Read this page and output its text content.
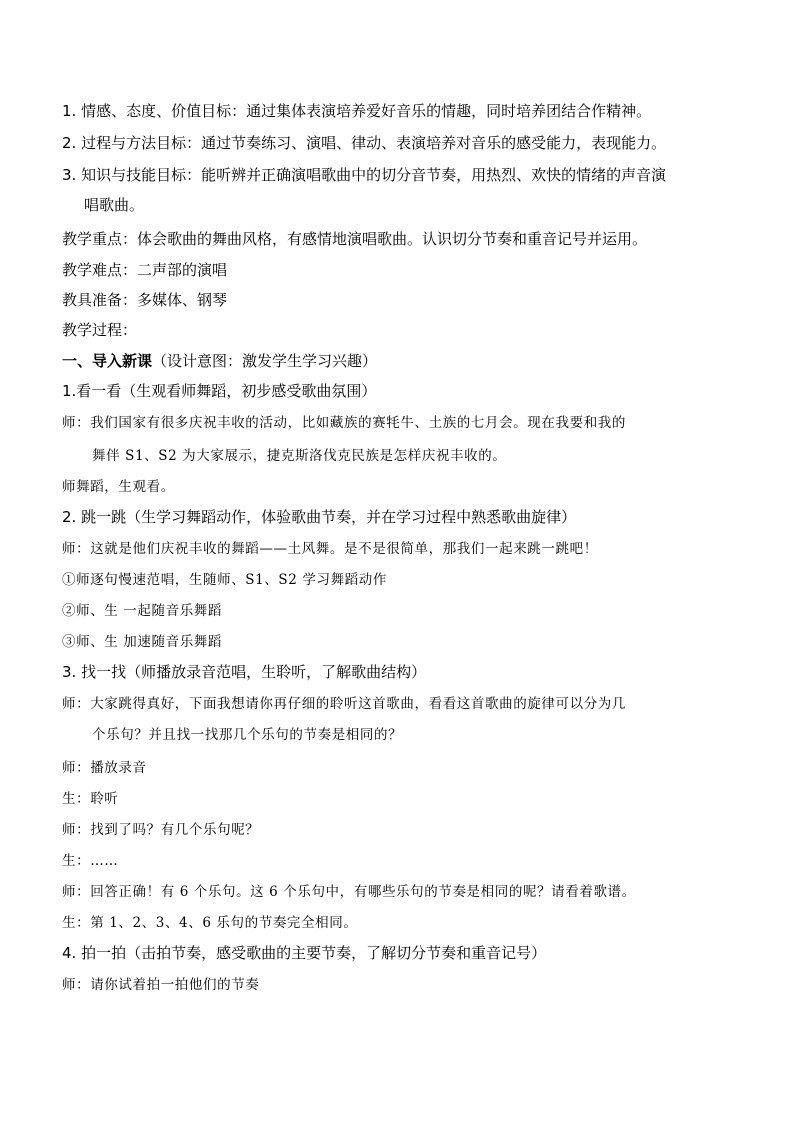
1. 情感、态度、价值目标：通过集体表演培养爱好音乐的情趣，同时培养团结合作精神。
2. 过程与方法目标：通过节奏练习、演唱、律动、表演培养对音乐的感受能力，表现能力。
3. 知识与技能目标：能听辨并正确演唱歌曲中的切分音节奏，用热烈、欢快的情绪的声音演
唱歌曲。
教学重点：体会歌曲的舞曲风格，有感情地演唱歌曲。认识切分节奏和重音记号并运用。
教学难点：二声部的演唱
教具准备：多媒体、钢琴
教学过程：
一、导入新课（设计意图：激发学生学习兴趣）
1.看一看（生观看师舞蹈，初步感受歌曲氛围）
师：我们国家有很多庆祝丰收的活动，比如藏族的赛牦牛、土族的七月会。现在我要和我的
舞伴 S1、S2 为大家展示，捷克斯洛伐克民族是怎样庆祝丰收的。
师舞蹈，生观看。
2. 跳一跳（生学习舞蹈动作，体验歌曲节奏，并在学习过程中熟悉歌曲旋律）
师：这就是他们庆祝丰收的舞蹈——土风舞。是不是很简单，那我们一起来跳一跳吧！
①师逐句慢速范唱，生随师、S1、S2 学习舞蹈动作
②师、生 一起随音乐舞蹈
③师、生 加速随音乐舞蹈
3. 找一找（师播放录音范唱，生聆听，了解歌曲结构）
师：大家跳得真好，下面我想请你再仔细的聆听这首歌曲，看看这首歌曲的旋律可以分为几
个乐句？并且找一找那几个乐句的节奏是相同的？
师：播放录音
生：聆听
师：找到了吗？有几个乐句呢？
生：……
师：回答正确！有 6 个乐句。这 6 个乐句中，有哪些乐句的节奏是相同的呢？请看着歌谱。
生：第 1、2、3、4、6 乐句的节奏完全相同。
4. 拍一拍（击拍节奏，感受歌曲的主要节奏，了解切分节奏和重音记号）
师：请你试着拍一拍他们的节奏
